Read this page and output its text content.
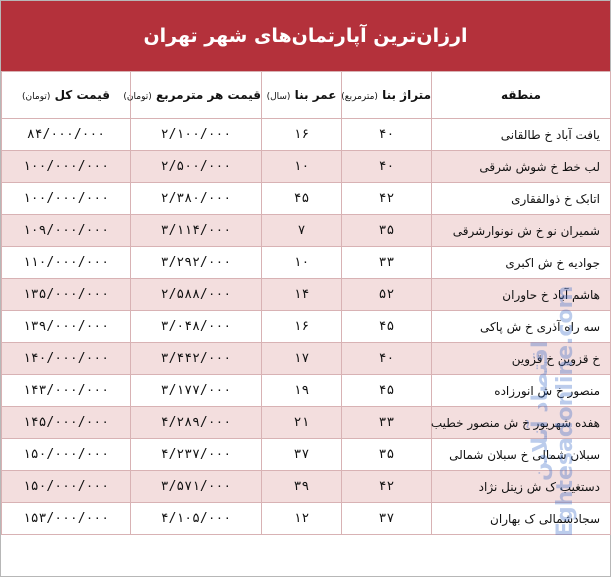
ارزان‌ترین آپارتمان‌های شهر تهران
منطقه	متراژ بنا (مترمربع)	عمر بنا (سال)	قیمت هر مترمربع (تومان)	قیمت کل (تومان)
یافت آباد خ طالقانی	۴۰	۱۶	۲/۱۰۰/۰۰۰	۸۴/۰۰۰/۰۰۰
لب خط خ شوش شرقی	۴۰	۱۰	۲/۵۰۰/۰۰۰	۱۰۰/۰۰۰/۰۰۰
اتابک خ ذوالفقاری	۴۲	۴۵	۲/۳۸۰/۰۰۰	۱۰۰/۰۰۰/۰۰۰
شمیران نو خ ش نونوارشرقی	۳۵	۷	۳/۱۱۴/۰۰۰	۱۰۹/۰۰۰/۰۰۰
جوادیه خ ش اکبری	۳۳	۱۰	۳/۲۹۲/۰۰۰	۱۱۰/۰۰۰/۰۰۰
هاشم آباد خ حاوران	۵۲	۱۴	۲/۵۸۸/۰۰۰	۱۳۵/۰۰۰/۰۰۰
سه راه آذری خ ش پاکی	۴۵	۱۶	۳/۰۴۸/۰۰۰	۱۳۹/۰۰۰/۰۰۰
خ قزوین خ قزوین	۴۰	۱۷	۳/۴۴۲/۰۰۰	۱۴۰/۰۰۰/۰۰۰
منصور خ ش انورزاده	۴۵	۱۹	۳/۱۷۷/۰۰۰	۱۴۳/۰۰۰/۰۰۰
هفده شهریور خ ش منصور خطیب	۳۳	۲۱	۴/۲۸۹/۰۰۰	۱۴۵/۰۰۰/۰۰۰
سبلان شمالی خ سبلان شمالی	۳۵	۳۷	۴/۲۳۷/۰۰۰	۱۵۰/۰۰۰/۰۰۰
دستغیب ک ش زینل نژاد	۴۲	۳۹	۳/۵۷۱/۰۰۰	۱۵۰/۰۰۰/۰۰۰
سجادشمالی ک بهاران	۳۷	۱۲	۴/۱۰۵/۰۰۰	۱۵۳/۰۰۰/۰۰۰
اقتصاد آنلاین Eghtesadonline.com
